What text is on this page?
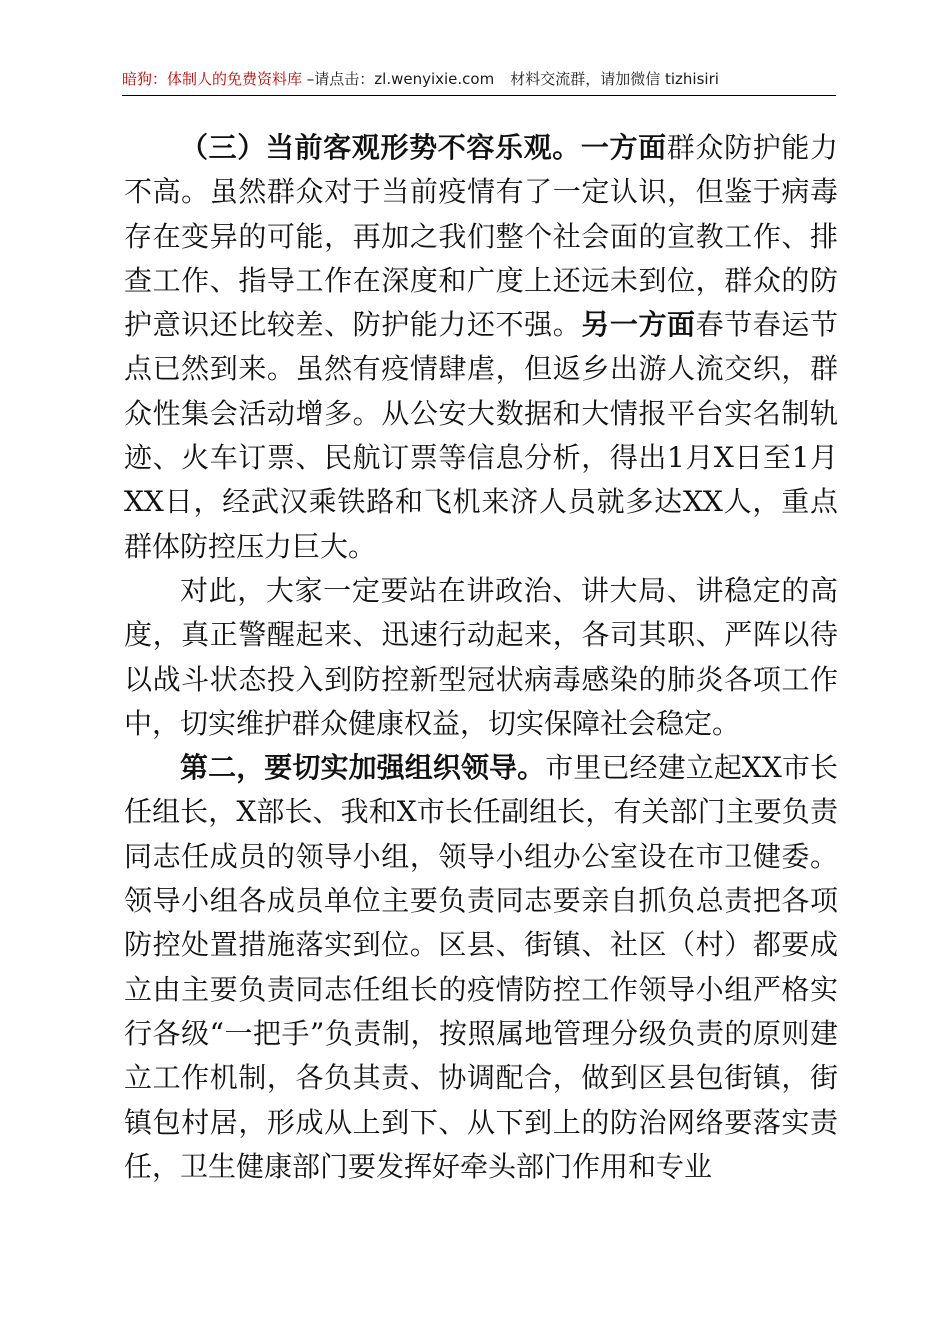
暗狗：体制人的免费资料库 –请点击：zl.wenyixie.com 材料交流群，请加微信 tizhisiri

（三）当前客观形势不容乐观。一方面群众防护能力不高。虽然群众对于当前疫情有了一定认识，但鉴于病毒存在变异的可能，再加之我们整个社会面的宣教工作、排查工作、指导工作在深度和广度上还远未到位，群众的防护意识还比较差、防护能力还不强。另一方面春节春运节点已然到来。虽然有疫情肆虐，但返乡出游人流交织，群众性集会活动增多。从公安大数据和大情报平台实名制轨迹、火车订票、民航订票等信息分析，得出1月X日至1月XX日，经武汉乘铁路和飞机来济人员就多达XX人，重点群体防控压力巨大。

对此，大家一定要站在讲政治、讲大局、讲稳定的高度，真正警醒起来、迅速行动起来，各司其职、严阵以待以战斗状态投入到防控新型冠状病毒感染的肺炎各项工作中，切实维护群众健康权益，切实保障社会稳定。

第二，要切实加强组织领导。市里已经建立起XX市长任组长，X部长、我和X市长任副组长，有关部门主要负责同志任成员的领导小组，领导小组办公室设在市卫健委。领导小组各成员单位主要负责同志要亲自抓负总责把各项防控处置措施落实到位。区县、街镇、社区（村）都要成立由主要负责同志任组长的疫情防控工作领导小组严格实行各级“一把手”负责制，按照属地管理分级负责的原则建立工作机制，各负其责、协调配合，做到区县包街镇，街镇包村居，形成从上到下、从下到上的防治网络要落实责任，卫生健康部门要发挥好牵头部门作用和专业
